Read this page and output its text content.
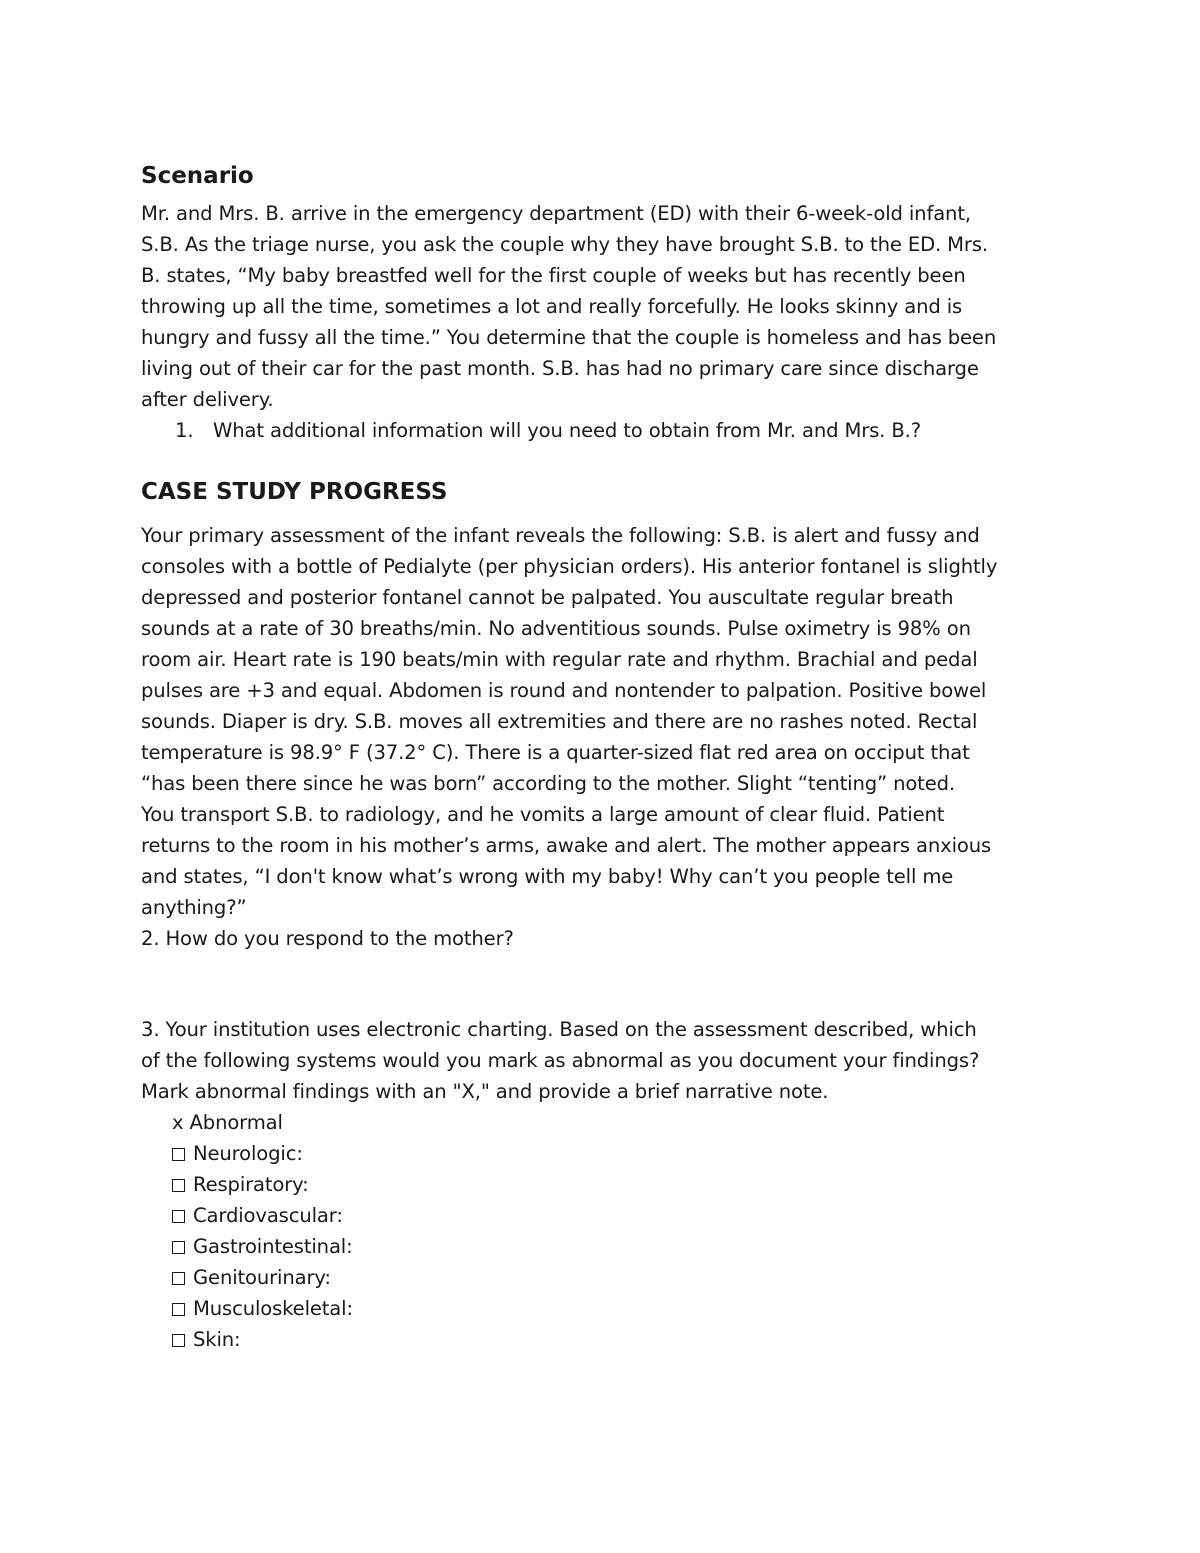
Scenario

Mr. and Mrs. B. arrive in the emergency department (ED) with their 6-week-old infant,
S.B. As the triage nurse, you ask the couple why they have brought S.B. to the ED. Mrs.
B. states, “My baby breastfed well for the first couple of weeks but has recently been
throwing up all the time, sometimes a lot and really forcefully. He looks skinny and is
hungry and fussy all the time.” You determine that the couple is homeless and has been
living out of their car for the past month. S.B. has had no primary care since discharge
after delivery.

1. What additional information will you need to obtain from Mr. and Mrs. B.?

CASE STUDY PROGRESS

Your primary assessment of the infant reveals the following: S.B. is alert and fussy and
consoles with a bottle of Pedialyte (per physician orders). His anterior fontanel is slightly
depressed and posterior fontanel cannot be palpated. You auscultate regular breath
sounds at a rate of 30 breaths/min. No adventitious sounds. Pulse oximetry is 98% on
room air. Heart rate is 190 beats/min with regular rate and rhythm. Brachial and pedal
pulses are +3 and equal. Abdomen is round and nontender to palpation. Positive bowel
sounds. Diaper is dry. S.B. moves all extremities and there are no rashes noted. Rectal
temperature is 98.9° F (37.2° C). There is a quarter-sized flat red area on occiput that
“has been there since he was born” according to the mother. Slight “tenting” noted.
You transport S.B. to radiology, and he vomits a large amount of clear fluid. Patient
returns to the room in his mother’s arms, awake and alert. The mother appears anxious
and states, “I don't know what’s wrong with my baby! Why can’t you people tell me
anything?”

2. How do you respond to the mother?

3. Your institution uses electronic charting. Based on the assessment described, which
of the following systems would you mark as abnormal as you document your findings?
Mark abnormal findings with an "X," and provide a brief narrative note.

x Abnormal
Neurologic:
Respiratory:
Cardiovascular:
Gastrointestinal:
Genitourinary:
Musculoskeletal:
Skin:
